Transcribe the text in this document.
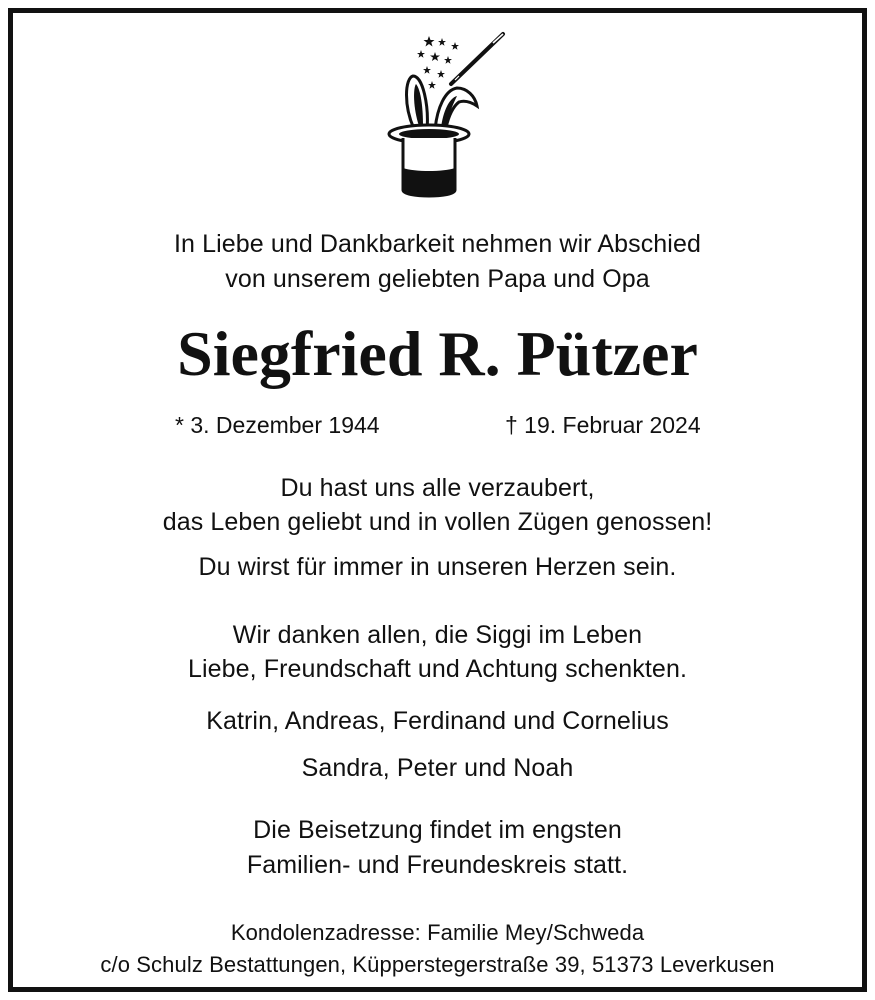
In Liebe und Dankbarkeit nehmen wir Abschied
von unserem geliebten Papa und Opa
Siegfried R. Pützer
* 3. Dezember 1944	† 19. Februar 2024
Du hast uns alle verzaubert,
das Leben geliebt und in vollen Zügen genossen!
Du wirst für immer in unseren Herzen sein.
Wir danken allen, die Siggi im Leben
Liebe, Freundschaft und Achtung schenkten.
Katrin, Andreas, Ferdinand und Cornelius
Sandra, Peter und Noah
Die Beisetzung findet im engsten
Familien- und Freundeskreis statt.
Kondolenzadresse: Familie Mey/Schweda
c/o Schulz Bestattungen, Küpperstegerstraße 39, 51373 Leverkusen
